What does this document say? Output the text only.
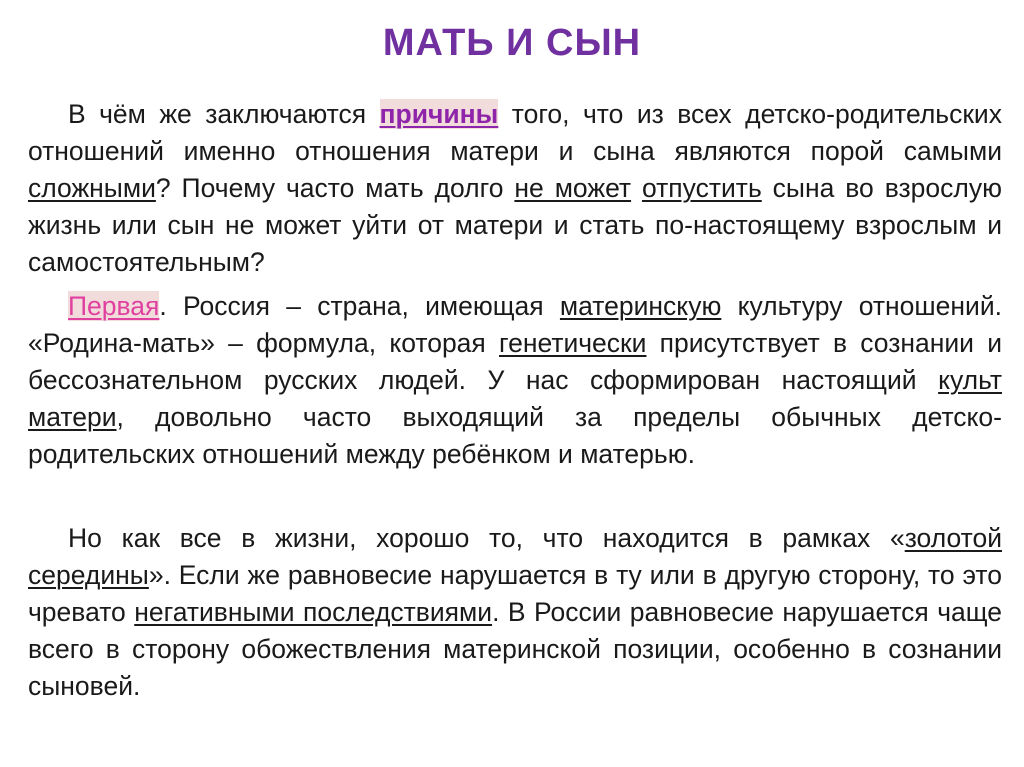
МАТЬ И СЫН

В чём же заключаются причины того, что из всех детско-родительских отношений именно отношения матери и сына являются порой самыми сложными? Почему часто мать долго не может отпустить сына во взрослую жизнь или сын не может уйти от матери и стать по-настоящему взрослым и самостоятельным?

Первая. Россия – страна, имеющая материнскую культуру отношений. «Родина-мать» – формула, которая генетически присутствует в сознании и бессознательном русских людей. У нас сформирован настоящий культ матери, довольно часто выходящий за пределы обычных детско-родительских отношений между ребёнком и матерью.

Но как все в жизни, хорошо то, что находится в рамках «золотой середины». Если же равновесие нарушается в ту или в другую сторону, то это чревато негативными последствиями. В России равновесие нарушается чаще всего в сторону обожествления материнской позиции, особенно в сознании сыновей.
